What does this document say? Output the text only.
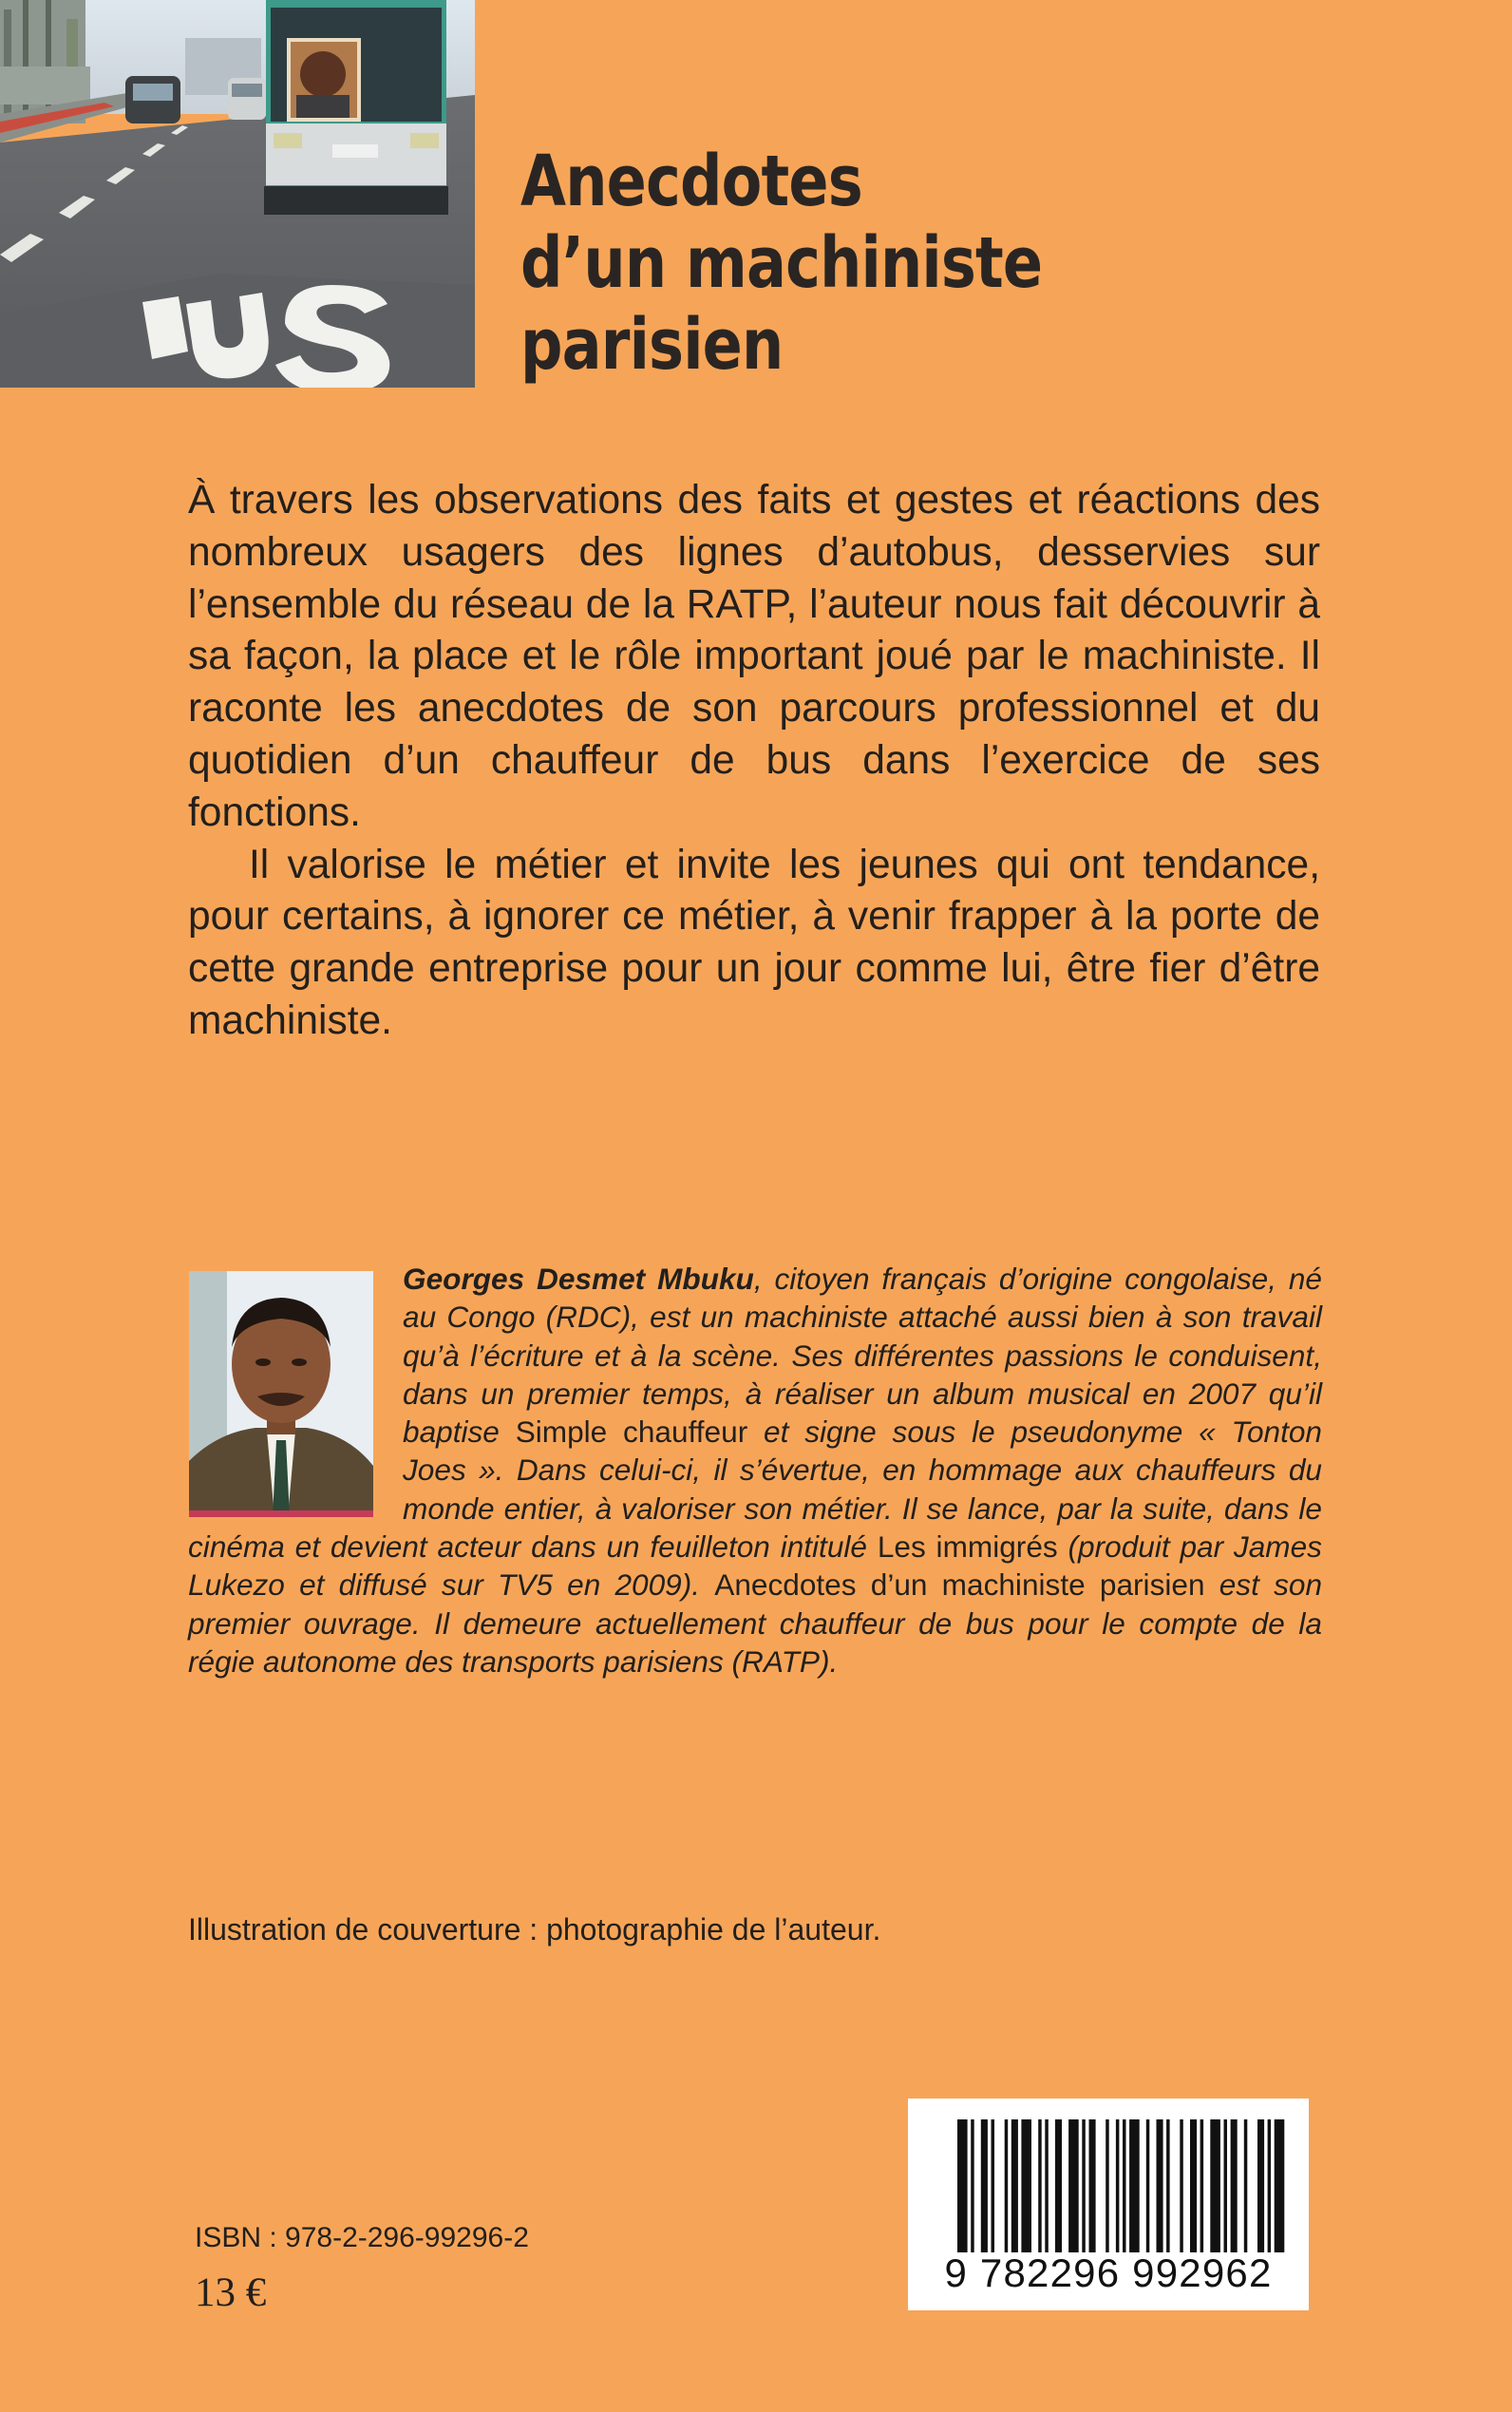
Anecdotes
d’un machiniste
parisien

À travers les observations des faits et gestes et réactions des nombreux usagers des lignes d’autobus, desservies sur l’ensemble du réseau de la RATP, l’auteur nous fait découvrir à sa façon, la place et le rôle important joué par le machiniste. Il raconte les anecdotes de son parcours professionnel et du quotidien d’un chauffeur de bus dans l’exercice de ses fonctions.

Il valorise le métier et invite les jeunes qui ont tendance, pour certains, à ignorer ce métier, à venir frapper à la porte de cette grande entreprise pour un jour comme lui, être fier d’être machiniste.

Georges Desmet Mbuku, citoyen français d’origine congolaise, né au Congo (RDC), est un machiniste attaché aussi bien à son travail qu’à l’écriture et à la scène. Ses différentes passions le conduisent, dans un premier temps, à réaliser un album musical en 2007 qu’il baptise Simple chauffeur et signe sous le pseudonyme « Tonton Joes ». Dans celui-ci, il s’évertue, en hommage aux chauffeurs du monde entier, à valoriser son métier. Il se lance, par la suite, dans le cinéma et devient acteur dans un feuilleton intitulé Les immigrés (produit par James Lukezo et diffusé sur TV5 en 2009). Anecdotes d’un machiniste parisien est son premier ouvrage. Il demeure actuellement chauffeur de bus pour le compte de la régie autonome des transports parisiens (RATP).

Illustration de couverture : photographie de l’auteur.
ISBN : 978-2-296-99296-2
13 €	9 782296 992962
